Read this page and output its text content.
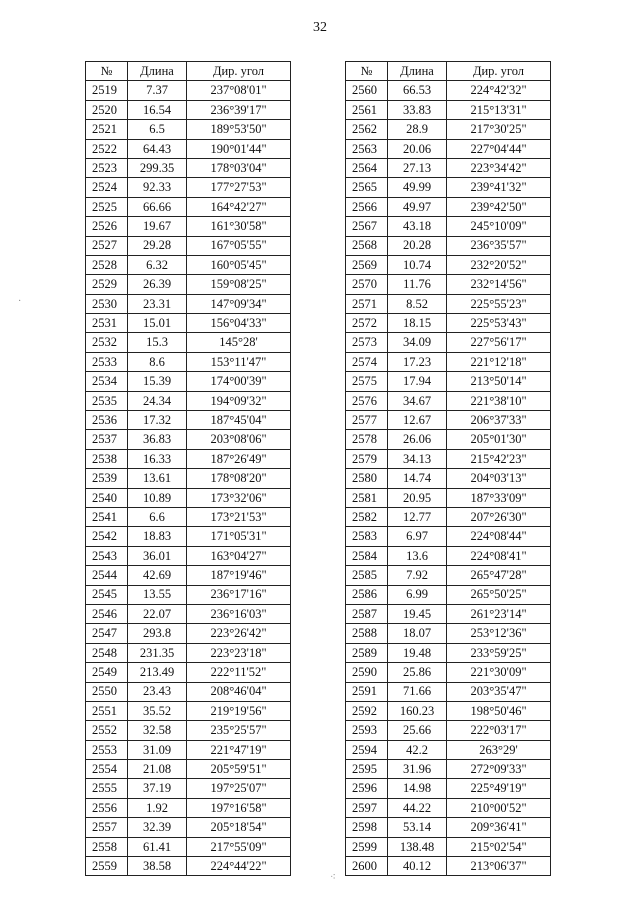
32
№	Длина	Дир. угол
2519	7.37	237°08'01"
2520	16.54	236°39'17"
2521	6.5	189°53'50"
2522	64.43	190°01'44"
2523	299.35	178°03'04"
2524	92.33	177°27'53"
2525	66.66	164°42'27"
2526	19.67	161°30'58"
2527	29.28	167°05'55"
2528	6.32	160°05'45"
2529	26.39	159°08'25"
2530	23.31	147°09'34"
2531	15.01	156°04'33"
2532	15.3	145°28'
2533	8.6	153°11'47"
2534	15.39	174°00'39"
2535	24.34	194°09'32"
2536	17.32	187°45'04"
2537	36.83	203°08'06"
2538	16.33	187°26'49"
2539	13.61	178°08'20"
2540	10.89	173°32'06"
2541	6.6	173°21'53"
2542	18.83	171°05'31"
2543	36.01	163°04'27"
2544	42.69	187°19'46"
2545	13.55	236°17'16"
2546	22.07	236°16'03"
2547	293.8	223°26'42"
2548	231.35	223°23'18"
2549	213.49	222°11'52"
2550	23.43	208°46'04"
2551	35.52	219°19'56"
2552	32.58	235°25'57"
2553	31.09	221°47'19"
2554	21.08	205°59'51"
2555	37.19	197°25'07"
2556	1.92	197°16'58"
2557	32.39	205°18'54"
2558	61.41	217°55'09"
2559	38.58	224°44'22"
№	Длина	Дир. угол
2560	66.53	224°42'32"
2561	33.83	215°13'31"
2562	28.9	217°30'25"
2563	20.06	227°04'44"
2564	27.13	223°34'42"
2565	49.99	239°41'32"
2566	49.97	239°42'50"
2567	43.18	245°10'09"
2568	20.28	236°35'57"
2569	10.74	232°20'52"
2570	11.76	232°14'56"
2571	8.52	225°55'23"
2572	18.15	225°53'43"
2573	34.09	227°56'17"
2574	17.23	221°12'18"
2575	17.94	213°50'14"
2576	34.67	221°38'10"
2577	12.67	206°37'33"
2578	26.06	205°01'30"
2579	34.13	215°42'23"
2580	14.74	204°03'13"
2581	20.95	187°33'09"
2582	12.77	207°26'30"
2583	6.97	224°08'44"
2584	13.6	224°08'41"
2585	7.92	265°47'28"
2586	6.99	265°50'25"
2587	19.45	261°23'14"
2588	18.07	253°12'36"
2589	19.48	233°59'25"
2590	25.86	221°30'09"
2591	71.66	203°35'47"
2592	160.23	198°50'46"
2593	25.66	222°03'17"
2594	42.2	263°29'
2595	31.96	272°09'33"
2596	14.98	225°49'19"
2597	44.22	210°00'52"
2598	53.14	209°36'41"
2599	138.48	215°02'54"
2600	40.12	213°06'37"
·
⁖
